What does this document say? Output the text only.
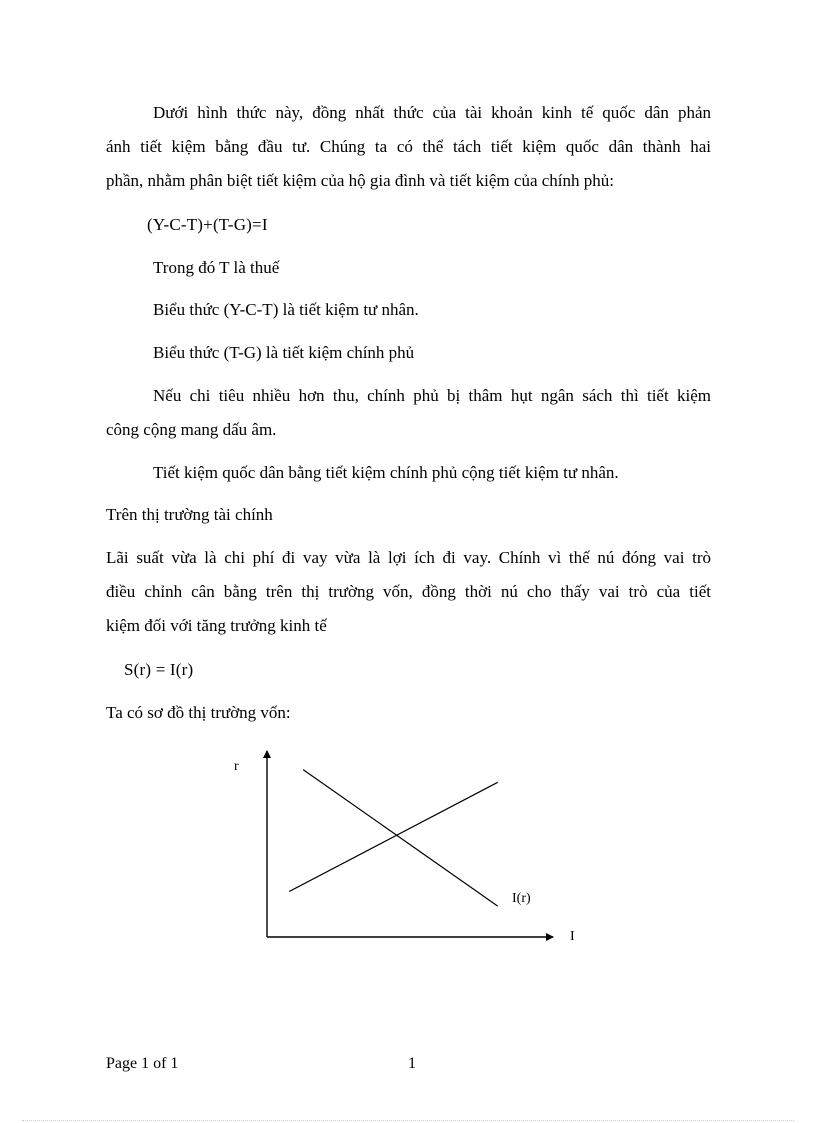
Dưới hình thức này, đồng nhất thức của tài khoản kinh tế quốc dân phản
ánh tiết kiệm bằng đầu tư. Chúng ta có thể tách tiết kiệm quốc dân thành hai
phần, nhằm phân biệt tiết kiệm của hộ gia đình và tiết kiệm của chính phủ:
(Y-C-T)+(T-G)=I
Trong đó T là thuế
Biểu thức (Y-C-T) là tiết kiệm tư nhân.
Biểu thức (T-G) là tiết kiệm chính phủ
Nếu chi tiêu nhiều hơn thu, chính phủ bị thâm hụt ngân sách thì tiết kiệm
công cộng mang dấu âm.
Tiết kiệm quốc dân bằng tiết kiệm chính phủ cộng tiết kiệm tư nhân.
Trên thị trường tài chính
Lãi suất vừa là chi phí đi vay vừa là lợi ích đi vay. Chính vì thế nú đóng vai trò
điều chỉnh cân bằng trên thị trường vốn, đồng thời nú cho thấy vai trò của tiết
kiệm đối với tăng trưởng kinh tế
S(r) = I(r)
Ta có sơ đồ thị trường vốn:
r
I
I(r)
Page 1 of 1	1
